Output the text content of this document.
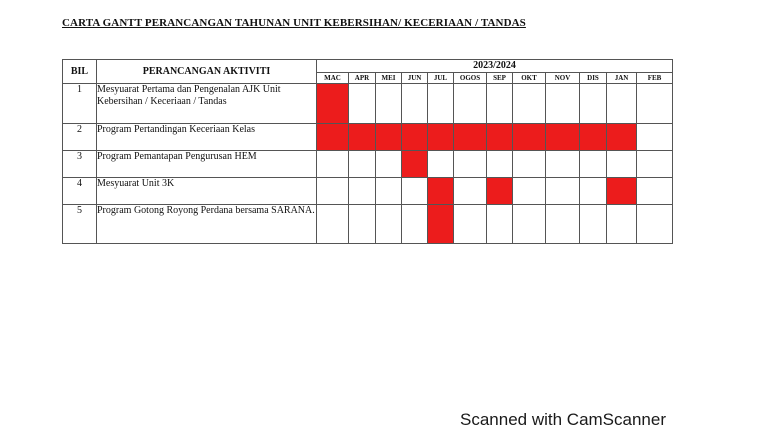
CARTA GANTT PERANCANGAN TAHUNAN UNIT KEBERSIHAN/ KECERIAAN / TANDAS
BIL	PERANCANGAN AKTIVITI	2023/2024											
		MAC	APR	MEI	JUN	JUL	OGOS	SEP	OKT	NOV	DIS	JAN	FEB
1	Mesyuarat Pertama dan Pengenalan AJK Unit Kebersihan / Keceriaan / Tandas												
2	Program Pertandingan Keceriaan Kelas												
3	Program Pemantapan Pengurusan HEM												
4	Mesyuarat Unit 3K												
5	Program Gotong Royong Perdana bersama SARANA.												
Scanned with CamScanner
